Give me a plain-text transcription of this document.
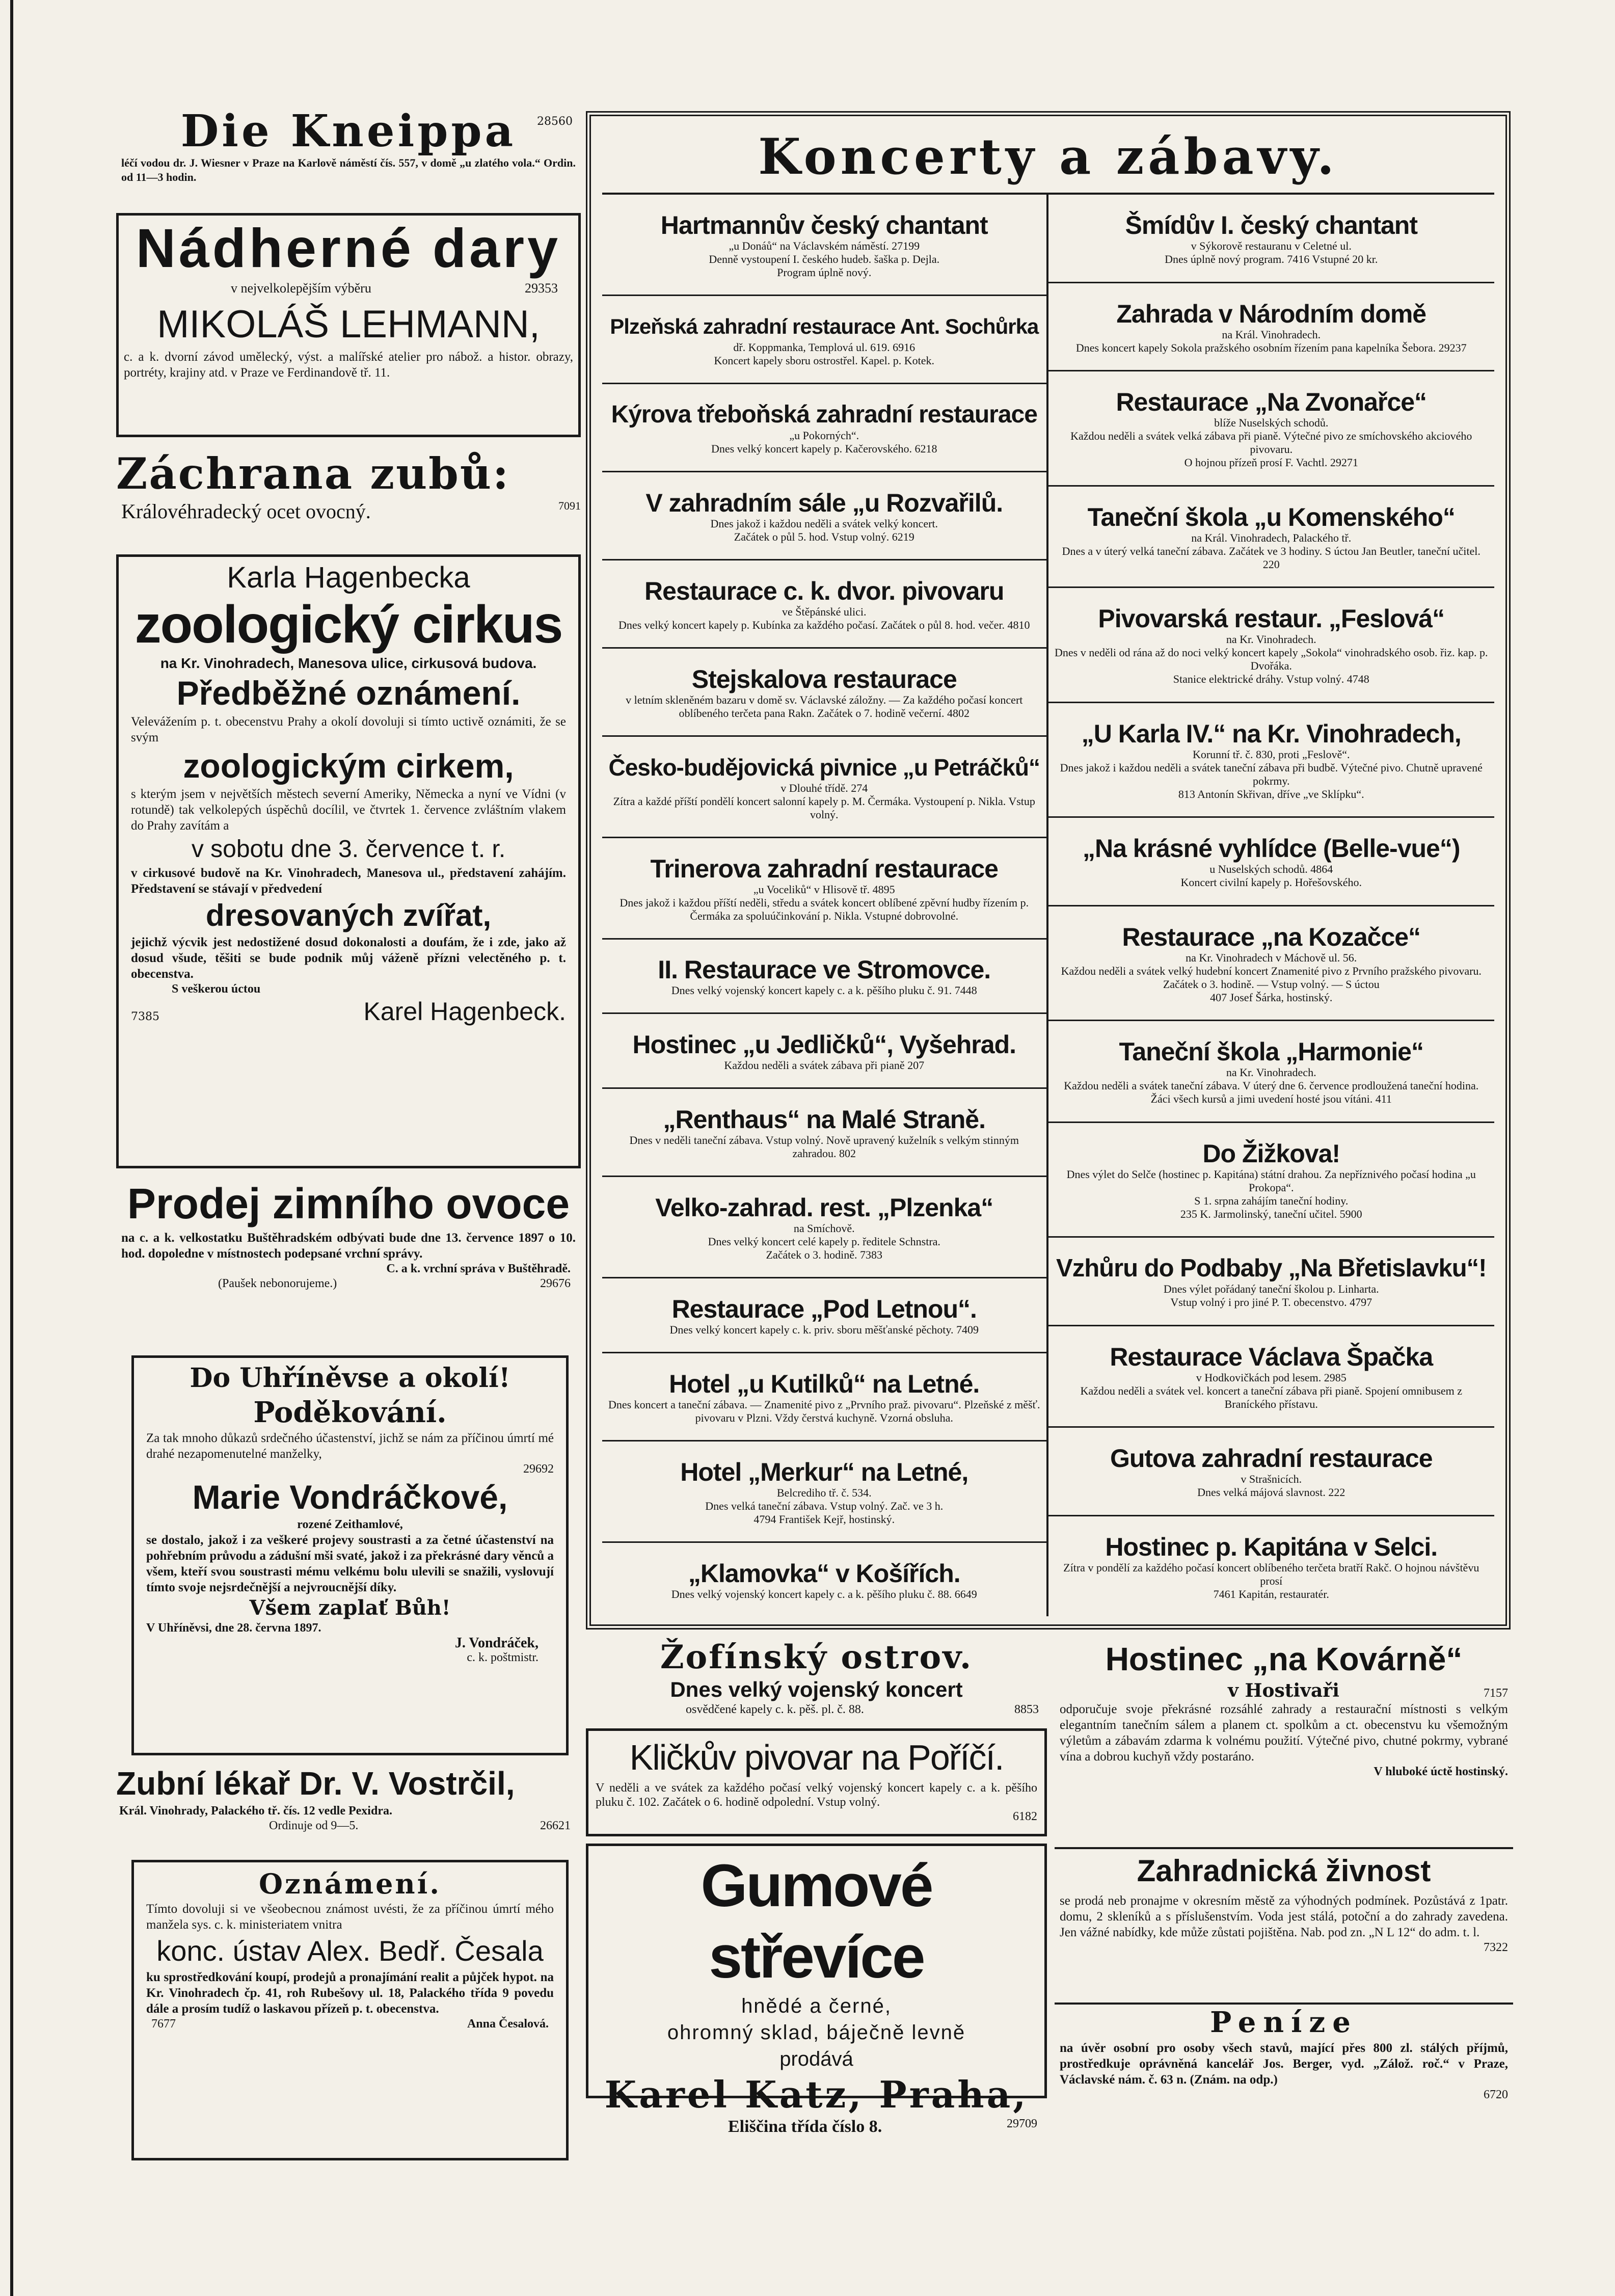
Die Kneippa	28560
léčí vodou dr. J. Wiesner v Praze na Karlově náměstí čís. 557, v domě „u zlatého vola.“ Ordin. od 11—3 hodin.
Nádherné dary
v nejvelkolepějším výběru	29353
MIKOLÁŠ LEHMANN,
c. a k. dvorní závod umělecký, výst. a malířské atelier pro nábož. a histor. obrazy, portréty, krajiny atd. v Praze ve Ferdinandově tř. 11.
Záchrana zubů:
Královéhradecký ocet ovocný.	7091
Karla Hagenbecka
zoologický cirkus
na Kr. Vinohradech, Manesova ulice, cirkusová budova.
Předběžné oznámení.
Velevážením p. t. obecenstvu Prahy a okolí dovoluji si tímto uctivě oznámiti, že se svým
zoologickým cirkem,
s kterým jsem v největších městech severní Ameriky, Německa a nyní ve Vídni (v rotundě) tak velkolepých úspěchů docílil, ve čtvrtek 1. července zvláštním vlakem do Prahy zavítám a
v sobotu dne 3. července t. r.
v cirkusové budově na Kr. Vinohradech, Manesova ul., představení zahájím. Představení se stávají v předvedení
dresovaných zvířat,
jejichž výcvik jest nedostižené dosud dokonalosti a doufám, že i zde, jako až dosud všude, těšiti se bude podnik můj váženě přízni velectěného p. t. obecenstva.
S veškerou úctou
7385	Karel Hagenbeck.
Prodej zimního ovoce
na c. a k. velkostatku Buštěhradském odbývati bude dne 13. července 1897 o 10. hod. dopoledne v místnostech podepsané vrchní správy.
C. a k. vrchní správa v Buštěhradě.
(Paušek nebonorujeme.)	29676
Do Uhříněvse a okolí!
Poděkování.
Za tak mnoho důkazů srdečného účastenství, jichž se nám za příčinou úmrtí mé drahé nezapomenutelné manželky,
29692
Marie Vondráčkové,
rozené Zeithamlové,
se dostalo, jakož i za veškeré projevy soustrasti a za četné účastenství na pohřebním průvodu a zádušní mši svaté, jakož i za překrásné dary věnců a všem, kteří svou soustrasti mému velkému bolu ulevili se snažili, vyslovují tímto svoje nejsrdečnější a nejvroucnější díky.
Všem zaplať Bůh!
V Uhříněvsi, dne 28. června 1897.
J. Vondráček,
c. k. poštmistr.
Zubní lékař Dr. V. Vostrčil,
Král. Vinohrady, Palackého tř. čís. 12 vedle Pexidra.
Ordinuje od 9—5.	26621
Oznámení.
Tímto dovoluji si ve všeobecnou známost uvésti, že za příčinou úmrtí mého manžela sys. c. k. ministeriatem vnitra
konc. ústav Alex. Bedř. Česala
ku sprostředkování koupí, prodejů a pronajímání realit a půjček hypot. na Kr. Vinohradech čp. 41, roh Rubešovy ul. 18, Palackého třída 9 povedu dále a prosím tudíž o laskavou přízeň p. t. obecenstva.
7677	Anna Česalová.
Koncerty a zábavy.
Hartmannův český chantant
„u Donáů“ na Václavském náměstí. 27199
Denně vystoupení I. českého hudeb. šaška p. Dejla.
Program úplně nový.
Plzeňská zahradní restaurace Ant. Sochůrka
dř. Koppmanka, Templová ul. 619. 6916
Koncert kapely sboru ostrostřel. Kapel. p. Kotek.
Kýrova třeboňská zahradní restaurace
„u Pokorných“.
Dnes velký koncert kapely p. Kačerovského. 6218
V zahradním sále „u Rozvařilů.
Dnes jakož i každou neděli a svátek velký koncert.
Začátek o půl 5. hod. Vstup volný. 6219
Restaurace c. k. dvor. pivovaru
ve Štěpánské ulici.
Dnes velký koncert kapely p. Kubínka za každého počasí. Začátek o půl 8. hod. večer. 4810
Stejskalova restaurace
v letním skleněném bazaru v domě sv. Václavské záložny. — Za každého počasí koncert oblíbeného terčeta pana Rakn. Začátek o 7. hodině večerní. 4802
Česko-budějovická pivnice „u Petráčků“
v Dlouhé třídě. 274
Zítra a každé příští pondělí koncert salonní kapely p. M. Čermáka. Vystoupení p. Nikla. Vstup volný.
Trinerova zahradní restaurace
„u Voceliků“ v Hlisově tř. 4895
Dnes jakož i každou příští neděli, středu a svátek koncert oblíbené zpěvní hudby řízením p. Čermáka za spoluúčinkování p. Nikla. Vstupné dobrovolné.
II. Restaurace ve Stromovce.
Dnes velký vojenský koncert kapely c. a k. pěšího pluku č. 91. 7448
Hostinec „u Jedličků“, Vyšehrad.
Každou neděli a svátek zábava při pianě 207
„Renthaus“ na Malé Straně.
Dnes v neděli taneční zábava. Vstup volný. Nově upravený kuželník s velkým stinným zahradou. 802
Velko-zahrad. rest. „Plzenka“
na Smíchově.
Dnes velký koncert celé kapely p. ředitele Schnstra.
Začátek o 3. hodině. 7383
Restaurace „Pod Letnou“.
Dnes velký koncert kapely c. k. priv. sboru měšťanské pěchoty. 7409
Hotel „u Kutilků“ na Letné.
Dnes koncert a taneční zábava. — Znamenité pivo z „Prvního praž. pivovaru“. Plzeňské z měšť. pivovaru v Plzni. Vždy čerstvá kuchyně. Vzorná obsluha.
Hotel „Merkur“ na Letné,
Belcrediho tř. č. 534.
Dnes velká taneční zábava. Vstup volný. Zač. ve 3 h.
4794 František Kejř, hostinský.
„Klamovka“ v Košířích.
Dnes velký vojenský koncert kapely c. a k. pěšího pluku č. 88. 6649
Šmídův I. český chantant
v Sýkorově restauranu v Celetné ul.
Dnes úplně nový program. 7416 Vstupné 20 kr.
Zahrada v Národním domě
na Král. Vinohradech.
Dnes koncert kapely Sokola pražského osobním řízením pana kapelníka Šebora. 29237
Restaurace „Na Zvonařce“
blíže Nuselských schodů.
Každou neděli a svátek velká zábava při pianě. Výtečné pivo ze smíchovského akciového pivovaru.
O hojnou přízeň prosí F. Vachtl. 29271
Taneční škola „u Komenského“
na Král. Vinohradech, Palackého tř.
Dnes a v úterý velká taneční zábava. Začátek ve 3 hodiny. S úctou Jan Beutler, taneční učitel. 220
Pivovarská restaur. „Feslová“
na Kr. Vinohradech.
Dnes v neděli od rána až do noci velký koncert kapely „Sokola“ vinohradského osob. řiz. kap. p. Dvořáka.
Stanice elektrické dráhy. Vstup volný. 4748
„U Karla IV.“ na Kr. Vinohradech,
Korunní tř. č. 830, proti „Feslově“.
Dnes jakož i každou neděli a svátek taneční zábava při budbě. Výtečné pivo. Chutně upravené pokrmy.
813 Antonín Skřivan, dříve „ve Sklípku“.
„Na krásné vyhlídce (Belle-vue“)
u Nuselských schodů. 4864
Koncert civilní kapely p. Hořešovského.
Restaurace „na Kozačce“
na Kr. Vinohradech v Máchově ul. 56.
Každou neděli a svátek velký hudební koncert Znamenité pivo z Prvního pražského pivovaru.
Začátek o 3. hodině. — Vstup volný. — S úctou
407 Josef Šárka, hostinský.
Taneční škola „Harmonie“
na Kr. Vinohradech.
Každou neděli a svátek taneční zábava. V úterý dne 6. července prodloužená taneční hodina. Žáci všech kursů a jimi uvedení hosté jsou vítáni. 411
Do Žižkova!
Dnes výlet do Selče (hostinec p. Kapitána) státní drahou. Za nepříznivého počasí hodina „u Prokopa“.
S 1. srpna zahájím taneční hodiny.
235 K. Jarmolinský, taneční učitel. 5900
Vzhůru do Podbaby „Na Břetislavku“!
Dnes výlet pořádaný taneční školou p. Linharta.
Vstup volný i pro jiné P. T. obecenstvo. 4797
Restaurace Václava Špačka
v Hodkovičkách pod lesem. 2985
Každou neděli a svátek vel. koncert a taneční zábava při pianě. Spojení omnibusem z Braníckého přístavu.
Gutova zahradní restaurace
v Strašnicích.
Dnes velká májová slavnost. 222
Hostinec p. Kapitána v Selci.
Zítra v pondělí za každého počasí koncert oblíbeného terčeta bratří Rakč. O hojnou návštěvu prosí
7461 Kapitán, restauratér.
Žofínský ostrov.
Dnes velký vojenský koncert
osvědčené kapely c. k. pěš. pl. č. 88.	8853
Kličkův pivovar na Poříčí.
V neděli a ve svátek za každého počasí velký vojenský koncert kapely c. a k. pěšího pluku č. 102. Začátek o 6. hodině odpolední. Vstup volný.
6182
Gumové střevíce
hnědé a černé,
ohromný sklad, báječně levně
prodává
Karel Katz, Praha,
Eliščina třída číslo 8.	29709
Hostinec „na Kovárně“
v Hostivaři	7157
odporučuje svoje překrásné rozsáhlé zahrady a restaurační místnosti s velkým elegantním tanečním sálem a planem ct. spolkům a ct. obecenstvu ku všemožným výletům a zábavám zdarma k volnému použití. Výtečné pivo, chutné pokrmy, vybrané vína a dobrou kuchyň vždy postaráno.
V hluboké úctě hostinský.
Zahradnická živnost
se prodá neb pronajme v okresním městě za výhodných podmínek. Pozůstává z 1patr. domu, 2 skleníků a s příslušenstvím. Voda jest stálá, potoční a do zahrady zavedena. Jen vážné nabídky, kde může zůstati pojištěna. Nab. pod zn. „N L 12“ do adm. t. l.
7322
Peníze
na úvěr osobní pro osoby všech stavů, mající přes 800 zl. stálých příjmů, prostředkuje oprávněná kancelář Jos. Berger, vyd. „Zálož. roč.“ v Praze, Václavské nám. č. 63 n. (Znám. na odp.)
6720
